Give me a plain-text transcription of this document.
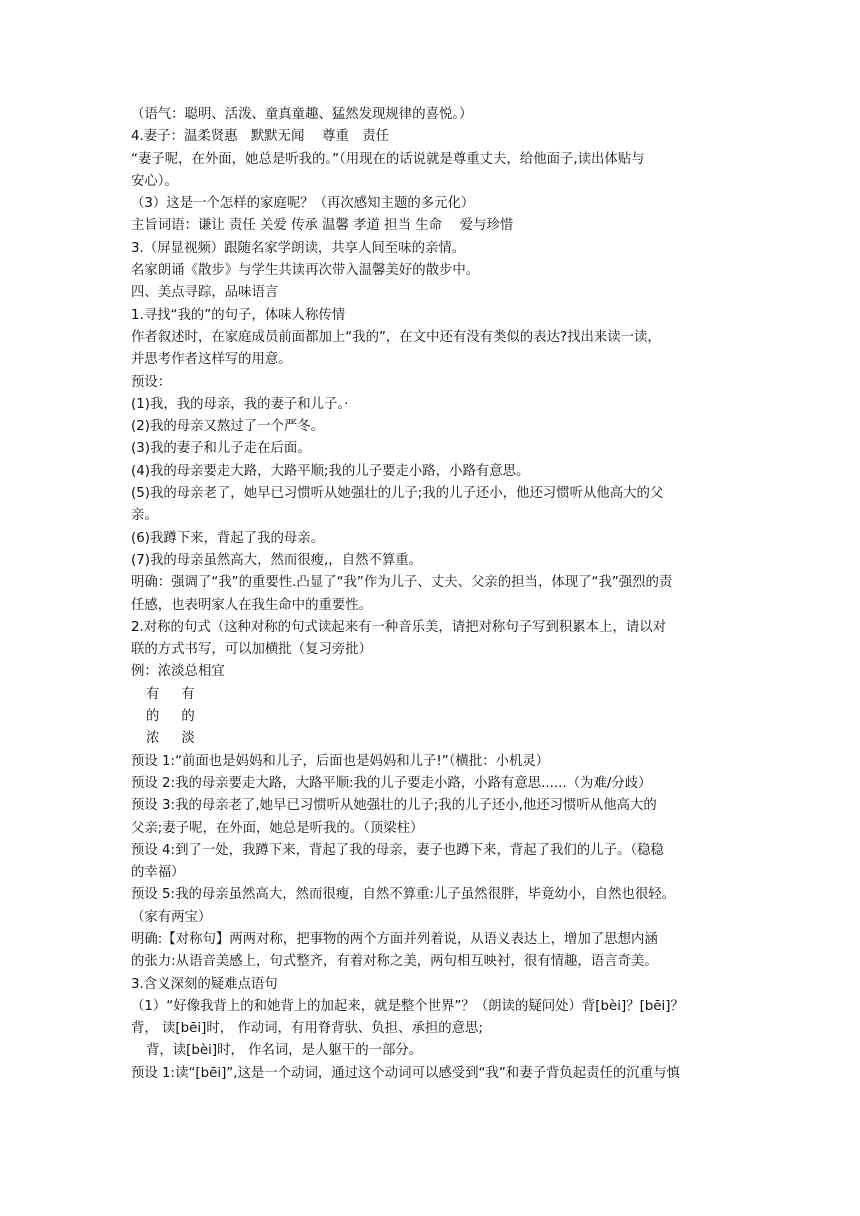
（语气：聪明、活泼、童真童趣、猛然发现规律的喜悦。）
4.妻子：温柔贤惠　默默无闻　 尊重　责任
“妻子呢，在外面，她总是听我的。”（用现在的话说就是尊重丈夫，给他面子,读出体贴与
安心）。
（3）这是一个怎样的家庭呢？（再次感知主题的多元化）
主旨词语：谦让 责任 关爱 传承 温馨 孝道 担当 生命 　爱与珍惜
3.（屏显视频）跟随名家学朗读，共享人间至味的亲情。
名家朗诵《散步》与学生共读再次带入温馨美好的散步中。
四、美点寻踪，品味语言
1.寻找“我的”的句子，体味人称传情
作者叙述时，在家庭成员前面都加上“我的”，在文中还有没有类似的表达?找出来读一读，
并思考作者这样写的用意。
预设：
(1)我，我的母亲，我的妻子和儿子。·
(2)我的母亲又熬过了一个严冬。
(3)我的妻子和儿子走在后面。
(4)我的母亲要走大路，大路平顺;我的儿子要走小路，小路有意思。
(5)我的母亲老了，她早已习惯听从她强壮的儿子;我的儿子还小，他还习惯听从他高大的父
亲。
(6)我蹲下来，背起了我的母亲。
(7)我的母亲虽然高大，然而很瘦,，自然不算重。
明确：强调了“我”的重要性.凸显了“我”作为儿子、丈夫、父亲的担当，体现了“我”强烈的责
任感，也表明家人在我生命中的重要性。
2.对称的句式（这种对称的句式读起来有一种音乐美，请把对称句子写到积累本上，请以对
联的方式书写，可以加横批（复习旁批）
例：浓淡总相宜
有 有
的 的
浓 淡
预设 1:“前面也是妈妈和儿子，后面也是妈妈和儿子!”（横批：小机灵）
预设 2:我的母亲要走大路，大路平顺:我的儿子要走小路，小路有意思......（为难/分歧）
预设 3:我的母亲老了,她早已习惯听从她强壮的儿子;我的儿子还小,他还习惯听从他高大的
父亲;妻子呢，在外面，她总是听我的。（顶梁柱）
预设 4:到了一处，我蹲下来，背起了我的母亲，妻子也蹲下来，背起了我们的儿子。（稳稳
的幸福）
预设 5:我的母亲虽然高大，然而很瘦，自然不算重:儿子虽然很胖，毕竟幼小，自然也很轻。
（家有两宝）
明确:【对称句】两两对称，把事物的两个方面并列着说，从语义表达上，增加了思想内涵
的张力:从语音美感上，句式整齐，有着对称之美，两句相互映衬，很有情趣，语言奇美。
3.含义深刻的疑难点语句
（1）“好像我背上的和她背上的加起来，就是整个世界”？（朗读的疑问处）背[bèi]？[bēi]？
背， 读[bēi]时， 作动词，有用脊背驮、负担、承担的意思;
背，读[bèi]时， 作名词，是人躯干的一部分。
预设 1:读“[bēi]”,这是一个动词，通过这个动词可以感受到“我”和妻子背负起责任的沉重与慎
